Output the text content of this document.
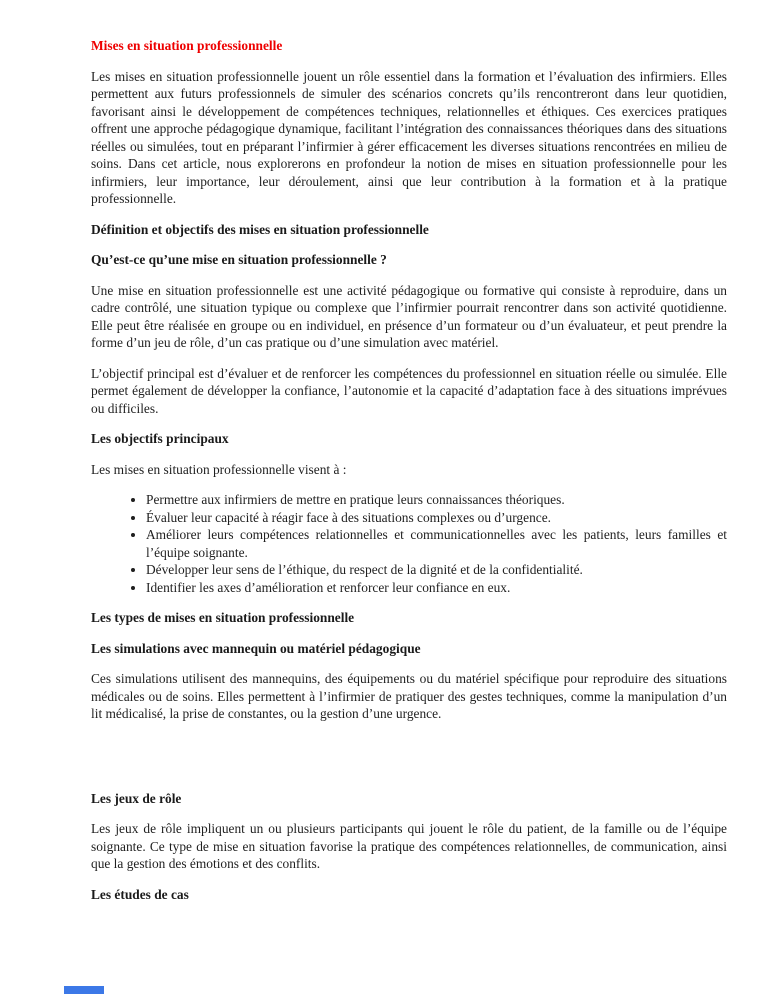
Mises en situation professionnelle

Les mises en situation professionnelle jouent un rôle essentiel dans la formation et l’évaluation des infirmiers. Elles permettent aux futurs professionnels de simuler des scénarios concrets qu’ils rencontreront dans leur quotidien, favorisant ainsi le développement de compétences techniques, relationnelles et éthiques. Ces exercices pratiques offrent une approche pédagogique dynamique, facilitant l’intégration des connaissances théoriques dans des situations réelles ou simulées, tout en préparant l’infirmier à gérer efficacement les diverses situations rencontrées en milieu de soins. Dans cet article, nous explorerons en profondeur la notion de mises en situation professionnelle pour les infirmiers, leur importance, leur déroulement, ainsi que leur contribution à la formation et à la pratique professionnelle.

Définition et objectifs des mises en situation professionnelle
Qu’est-ce qu’une mise en situation professionnelle ?

Une mise en situation professionnelle est une activité pédagogique ou formative qui consiste à reproduire, dans un cadre contrôlé, une situation typique ou complexe que l’infirmier pourrait rencontrer dans son activité quotidienne. Elle peut être réalisée en groupe ou en individuel, en présence d’un formateur ou d’un évaluateur, et peut prendre la forme d’un jeu de rôle, d’un cas pratique ou d’une simulation avec matériel.

L’objectif principal est d’évaluer et de renforcer les compétences du professionnel en situation réelle ou simulée. Elle permet également de développer la confiance, l’autonomie et la capacité d’adaptation face à des situations imprévues ou difficiles.

Les objectifs principaux

Les mises en situation professionnelle visent à :

• Permettre aux infirmiers de mettre en pratique leurs connaissances théoriques.
• Évaluer leur capacité à réagir face à des situations complexes ou d’urgence.
• Améliorer leurs compétences relationnelles et communicationnelles avec les patients, leurs familles et l’équipe soignante.
• Développer leur sens de l’éthique, du respect de la dignité et de la confidentialité.
• Identifier les axes d’amélioration et renforcer leur confiance en eux.
Les types de mises en situation professionnelle
Les simulations avec mannequin ou matériel pédagogique

Ces simulations utilisent des mannequins, des équipements ou du matériel spécifique pour reproduire des situations médicales ou de soins. Elles permettent à l’infirmier de pratiquer des gestes techniques, comme la manipulation d’un lit médicalisé, la prise de constantes, ou la gestion d’une urgence.

Les jeux de rôle

Les jeux de rôle impliquent un ou plusieurs participants qui jouent le rôle du patient, de la famille ou de l’équipe soignante. Ce type de mise en situation favorise la pratique des compétences relationnelles, de communication, ainsi que la gestion des émotions et des conflits.

Les études de cas
